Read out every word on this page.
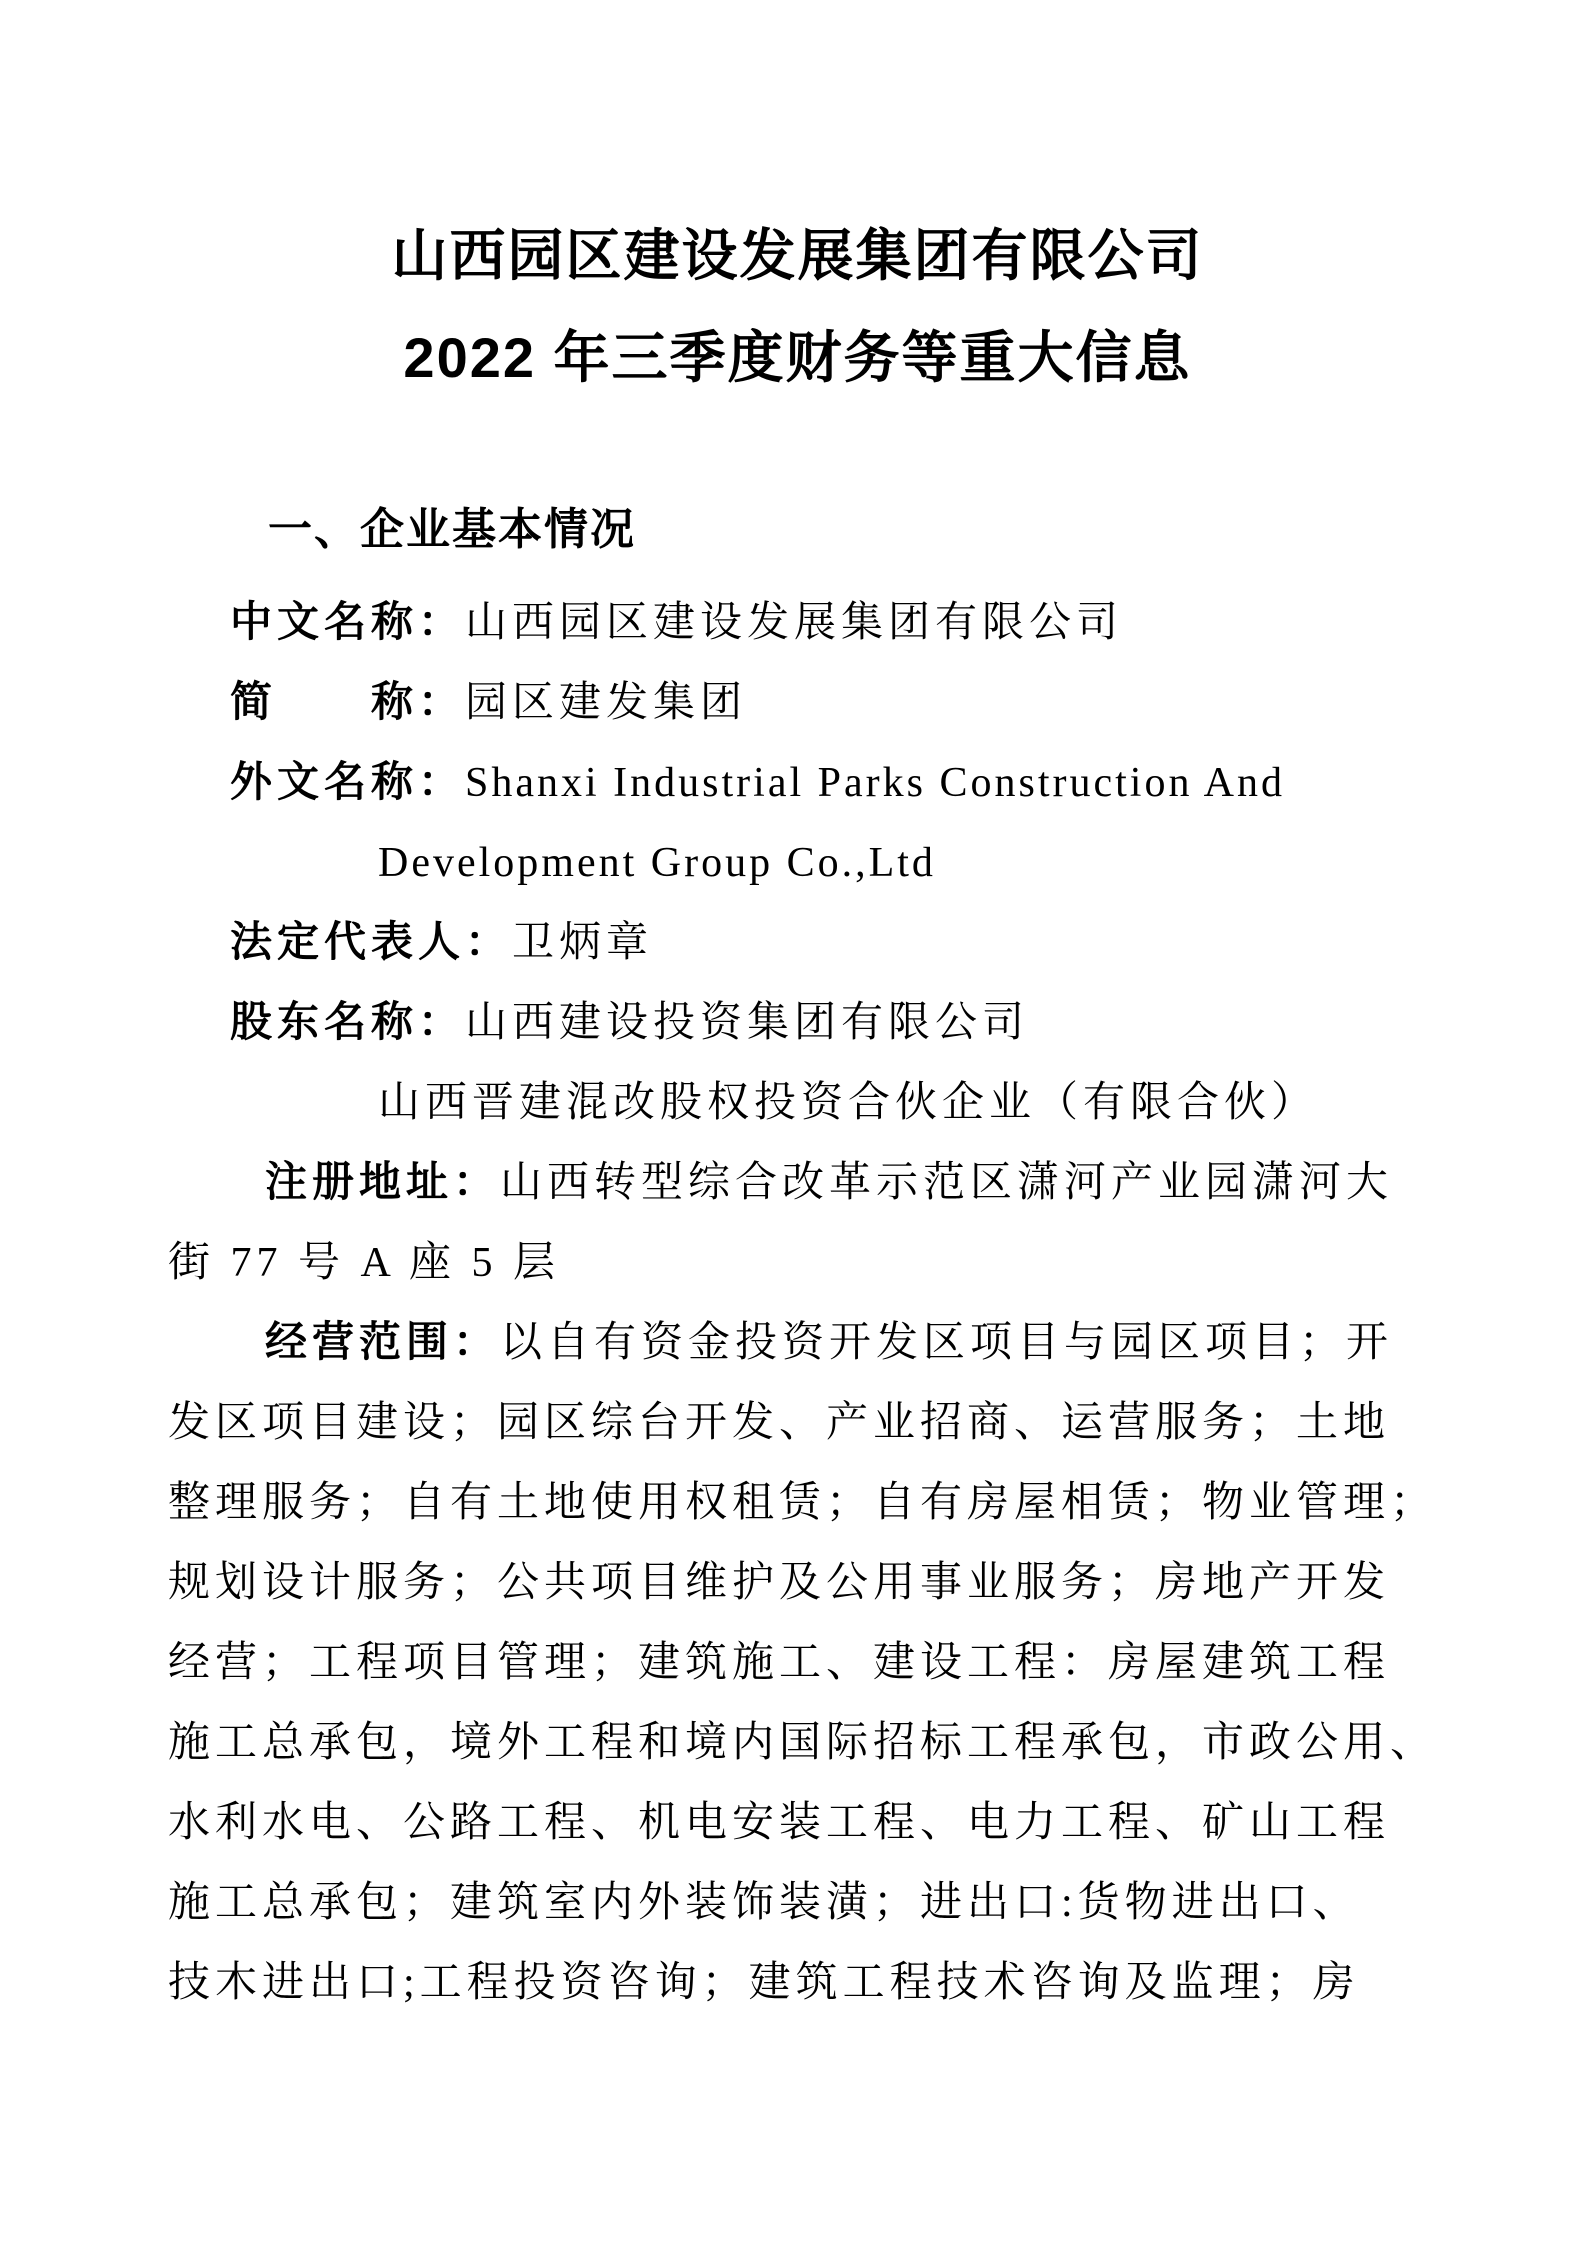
山西园区建设发展集团有限公司
2022 年三季度财务等重大信息
一、企业基本情况
中文名称：山西园区建设发展集团有限公司
简　　称：园区建发集团
外文名称：Shanxi Industrial Parks Construction And
Development Group Co.,Ltd
法定代表人：卫炳章
股东名称：山西建设投资集团有限公司
山西晋建混改股权投资合伙企业（有限合伙）
注册地址：山西转型综合改革示范区潇河产业园潇河大
街 77 号 A 座 5 层
经营范围：以自有资金投资开发区项目与园区项目；开
发区项目建设；园区综台开发、产业招商、运营服务；土地
整理服务；自有土地使用权租赁；自有房屋相赁；物业管理；
规划设计服务；公共项目维护及公用事业服务；房地产开发
经营；工程项目管理；建筑施工、建设工程：房屋建筑工程
施工总承包，境外工程和境内国际招标工程承包，市政公用、
水利水电、公路工程、机电安装工程、电力工程、矿山工程
施工总承包；建筑室内外装饰装潢；进出口:货物进出口、
技木进出口;工程投资咨询；建筑工程技术咨询及监理；房
